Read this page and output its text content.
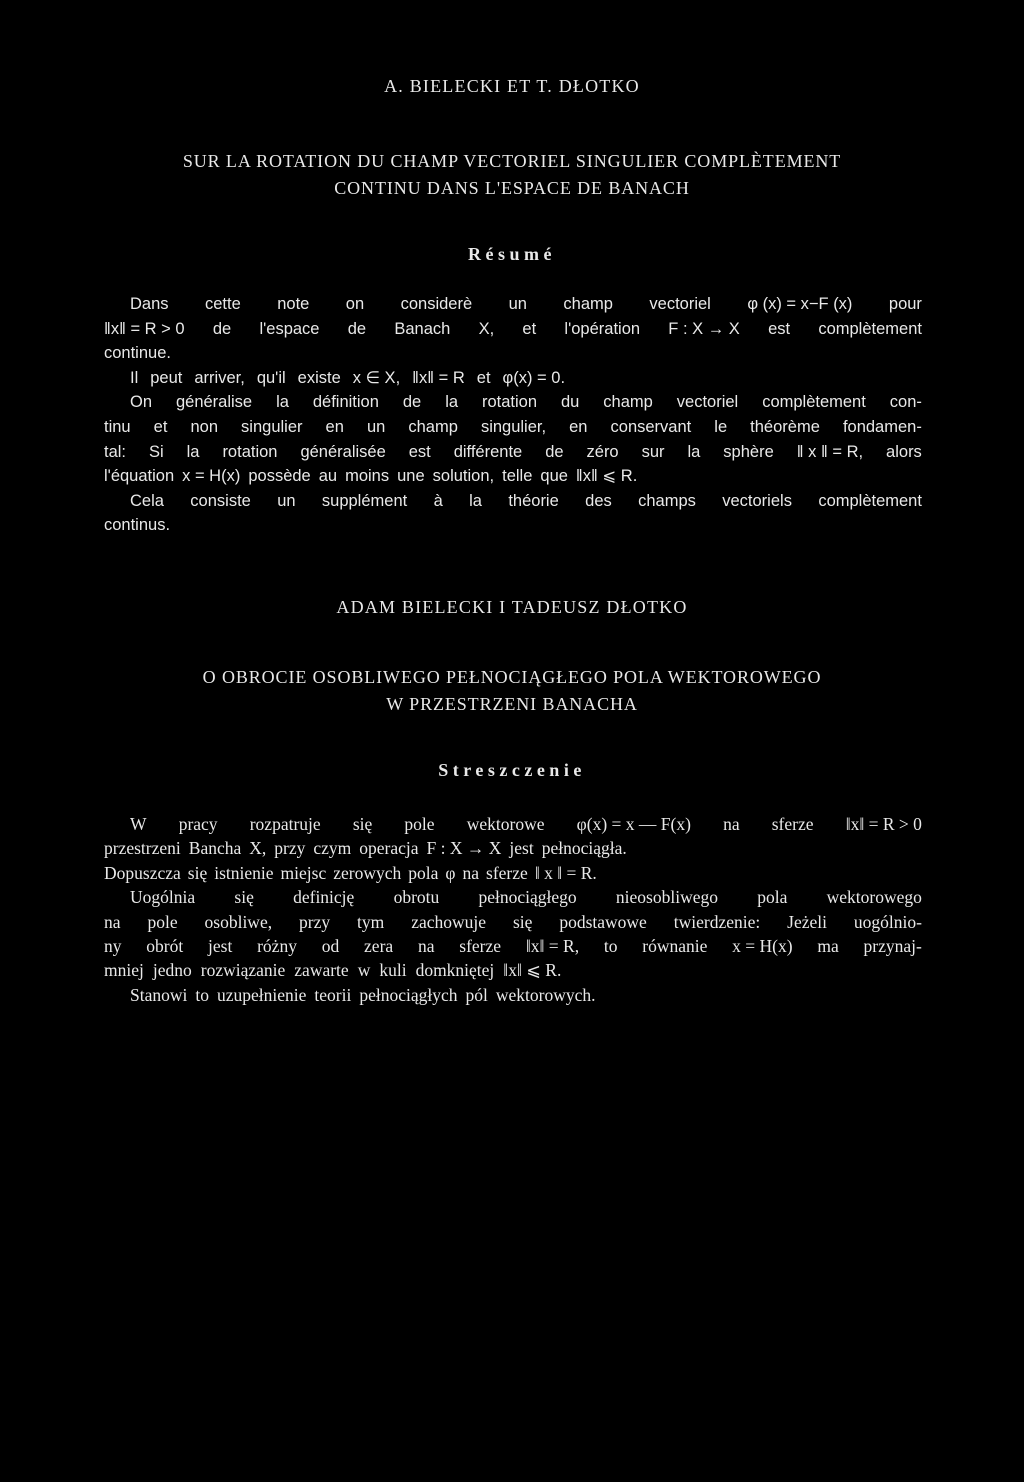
A. BIELECKI ET T. DŁOTKO
SUR LA ROTATION DU CHAMP VECTORIEL SINGULIER COMPLÈTEMENT
CONTINU DANS L'ESPACE DE BANACH
Résumé
Dans cette note on considerè un champ vectoriel φ (x) = x−F (x) pour
‖x‖ = R > 0 de l'espace de Banach X, et l'opération F : X → X est complètement
continue.
Il peut arriver, qu'il existe x ∈ X, ‖x‖ = R et φ(x) = 0.
On généralise la définition de la rotation du champ vectoriel complètement con-
tinu et non singulier en un champ singulier, en conservant le théorème fondamen-
tal: Si la rotation généralisée est différente de zéro sur la sphère ‖ x ‖ = R, alors
l'équation x = H(x) possède au moins une solution, telle que ‖x‖ ⩽ R.
Cela consiste un supplément à la théorie des champs vectoriels complètement
continus.
ADAM BIELECKI I TADEUSZ DŁOTKO
O OBROCIE OSOBLIWEGO PEŁNOCIĄGŁEGO POLA WEKTOROWEGO
W PRZESTRZENI BANACHA
Streszczenie
W pracy rozpatruje się pole wektorowe φ(x) = x — F(x) na sferze ‖x‖ = R > 0
przestrzeni Bancha X, przy czym operacja F : X → X jest pełnociągła.
Dopuszcza się istnienie miejsc zerowych pola φ na sferze ‖ x ‖ = R.
Uogólnia się definicję obrotu pełnociągłego nieosobliwego pola wektorowego
na pole osobliwe, przy tym zachowuje się podstawowe twierdzenie: Jeżeli uogólnio-
ny obrót jest różny od zera na sferze ‖x‖ = R, to równanie x = H(x) ma przynaj-
mniej jedno rozwiązanie zawarte w kuli domkniętej ‖x‖ ⩽ R.
Stanowi to uzupełnienie teorii pełnociągłych pól wektorowych.
